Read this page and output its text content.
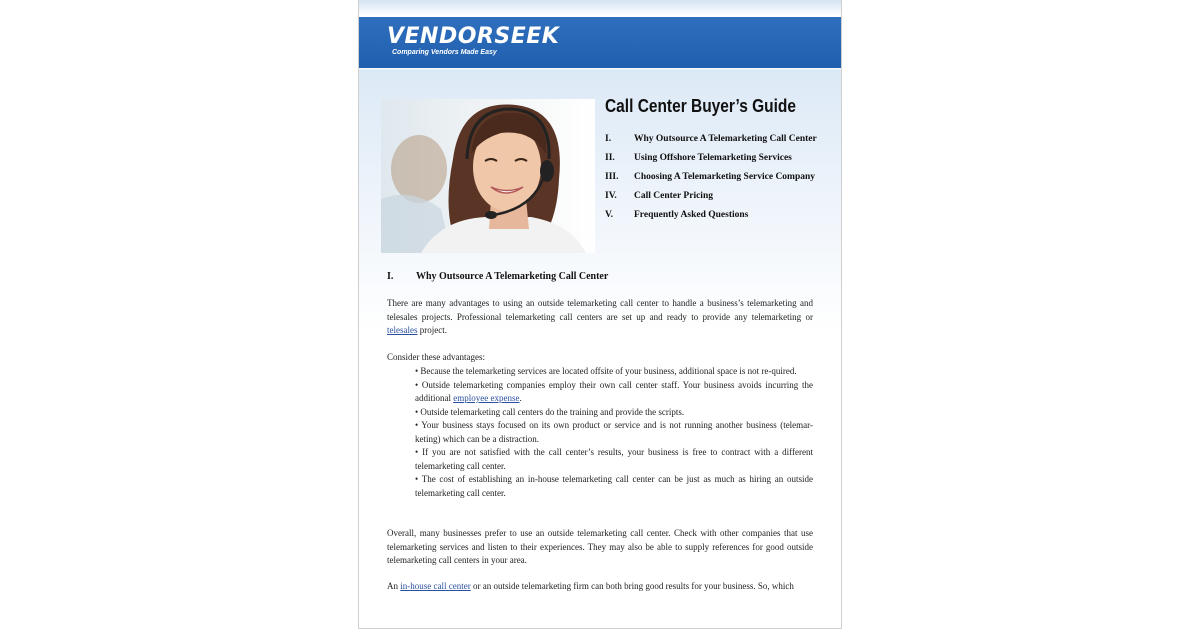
VENDORSEEK
Comparing Vendors Made Easy
Call Center Buyer’s Guide
I. Why Outsource A Telemarketing Call Center
II. Using Offshore Telemarketing Services
III. Choosing A Telemarketing Service Company
IV. Call Center Pricing
V. Frequently Asked Questions
I. Why Outsource A Telemarketing Call Center

There are many advantages to using an outside telemarketing call center to handle a business’s telemarketing and telesales projects. Professional telemarketing call centers are set up and ready to provide any telemarketing or telesales project.

Consider these advantages:

• Because the telemarketing services are located offsite of your business, additional space is not re-quired.
• Outside telemarketing companies employ their own call center staff. Your business avoids incurring the additional employee expense.
• Outside telemarketing call centers do the training and provide the scripts.
• Your business stays focused on its own product or service and is not running another business (telemar-keting) which can be a distraction.
• If you are not satisfied with the call center’s results, your business is free to contract with a different telemarketing call center.
• The cost of establishing an in-house telemarketing call center can be just as much as hiring an outside telemarketing call center.

Overall, many businesses prefer to use an outside telemarketing call center. Check with other companies that use telemarketing services and listen to their experiences. They may also be able to supply references for good outside telemarketing call centers in your area.

An in-house call center or an outside telemarketing firm can both bring good results for your business. So, which
